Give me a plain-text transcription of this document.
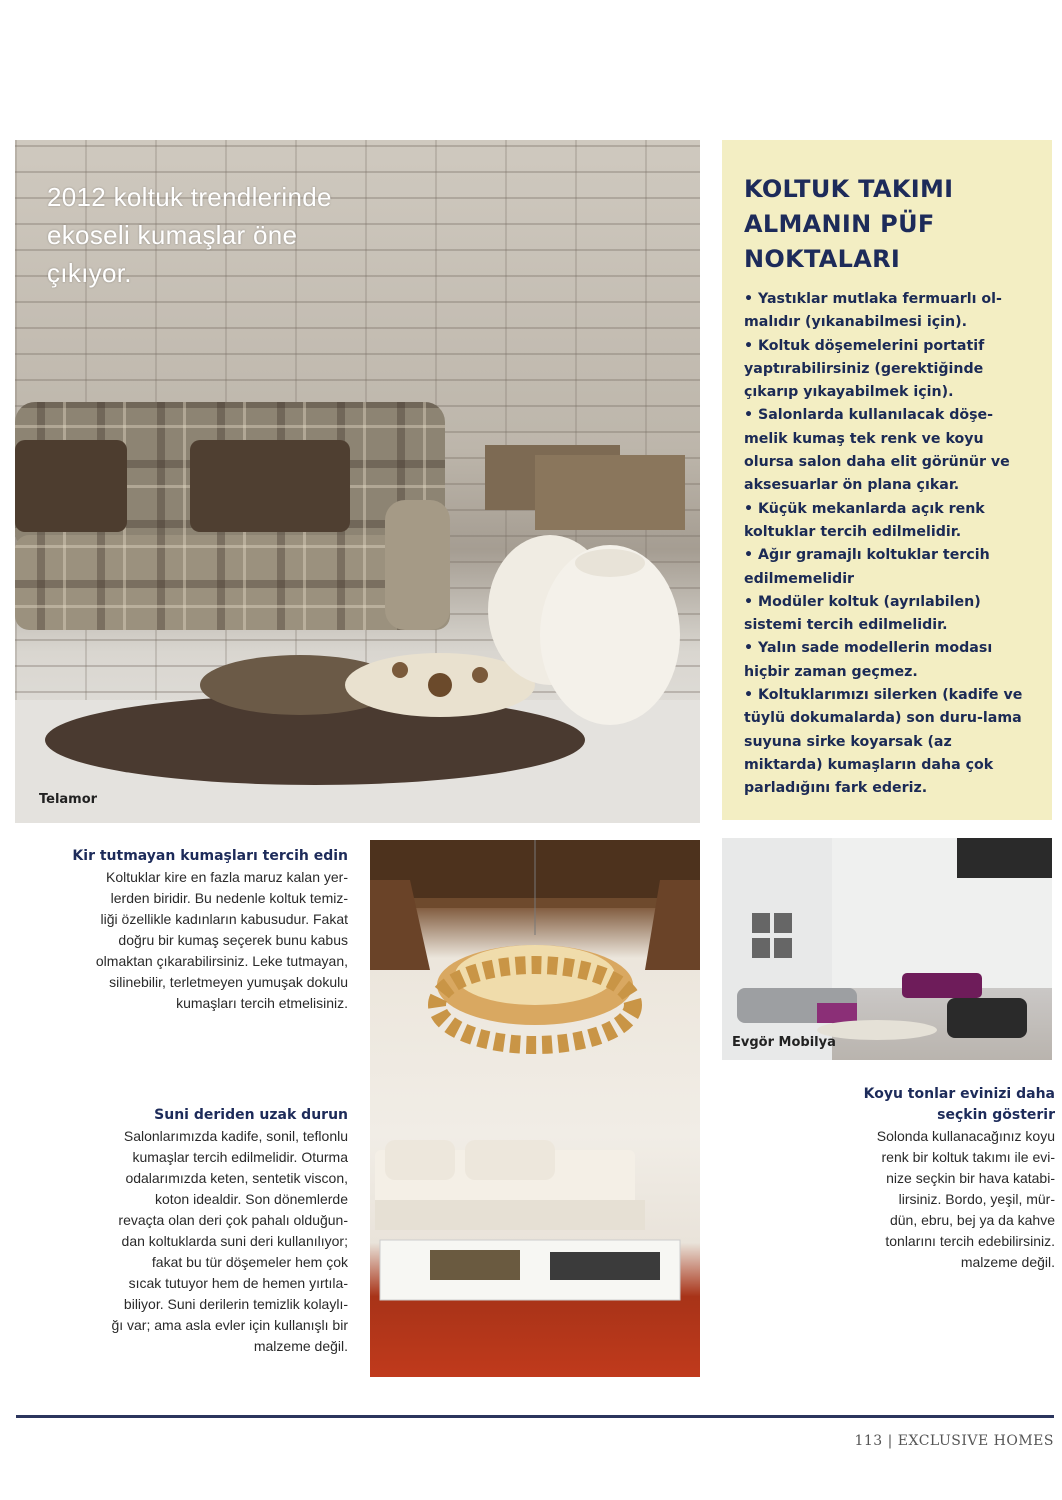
2012 koltuk trendlerinde
ekoseli kumaşlar öne
çıkıyor.
Telamor
KOLTUK TAKIMI
ALMANIN PÜF
NOKTALARI
• Yastıklar mutlaka fermuarlı ol-malıdır (yıkanabilmesi için).
• Koltuk döşemelerini portatif yaptırabilirsiniz (gerektiğinde çıkarıp yıkayabilmek için).
• Salonlarda kullanılacak döşe-melik kumaş tek renk ve koyu olursa salon daha elit görünür ve aksesuarlar ön plana çıkar.
• Küçük mekanlarda açık renk koltuklar tercih edilmelidir.
• Ağır gramajlı koltuklar tercih edilmemelidir
• Modüler koltuk (ayrılabilen) sistemi tercih edilmelidir.
• Yalın sade modellerin modası hiçbir zaman geçmez.
• Koltuklarımızı silerken (kadife ve tüylü dokumalarda) son duru-lama suyuna sirke koyarsak (az miktarda) kumaşların daha çok parladığını fark ederiz.
Kir tutmayan kumaşları tercih edin

Koltuklar kire en fazla maruz kalan yer-

lerden biridir. Bu nedenle koltuk temiz-

liği özellikle kadınların kabusudur. Fakat

doğru bir kumaş seçerek bunu kabus

olmaktan çıkarabilirsiniz. Leke tutmayan,

silinebilir, terletmeyen yumuşak dokulu

kumaşları tercih etmelisiniz.

Suni deriden uzak durun

Salonlarımızda kadife, sonil, teflonlu

kumaşlar tercih edilmelidir. Oturma

odalarımızda keten, sentetik viscon,

koton idealdir. Son dönemlerde

revaçta olan deri çok pahalı olduğun-

dan koltuklarda suni deri kullanılıyor;

fakat bu tür döşemeler hem çok

sıcak tutuyor hem de hemen yırtıla-

biliyor. Suni derilerin temizlik kolaylı-

ğı var; ama asla evler için kullanışlı bir

malzeme değil.

Evgör Mobilya
Koyu tonlar evinizi daha
seçkin gösterir

Solonda kullanacağınız koyu

renk bir koltuk takımı ile evi-

nize seçkin bir hava katabi-

lirsiniz. Bordo, yeşil, mür-

dün, ebru, bej ya da kahve

tonlarını tercih edebilirsiniz.

malzeme değil.

113 | EXCLUSIVE HOMES
